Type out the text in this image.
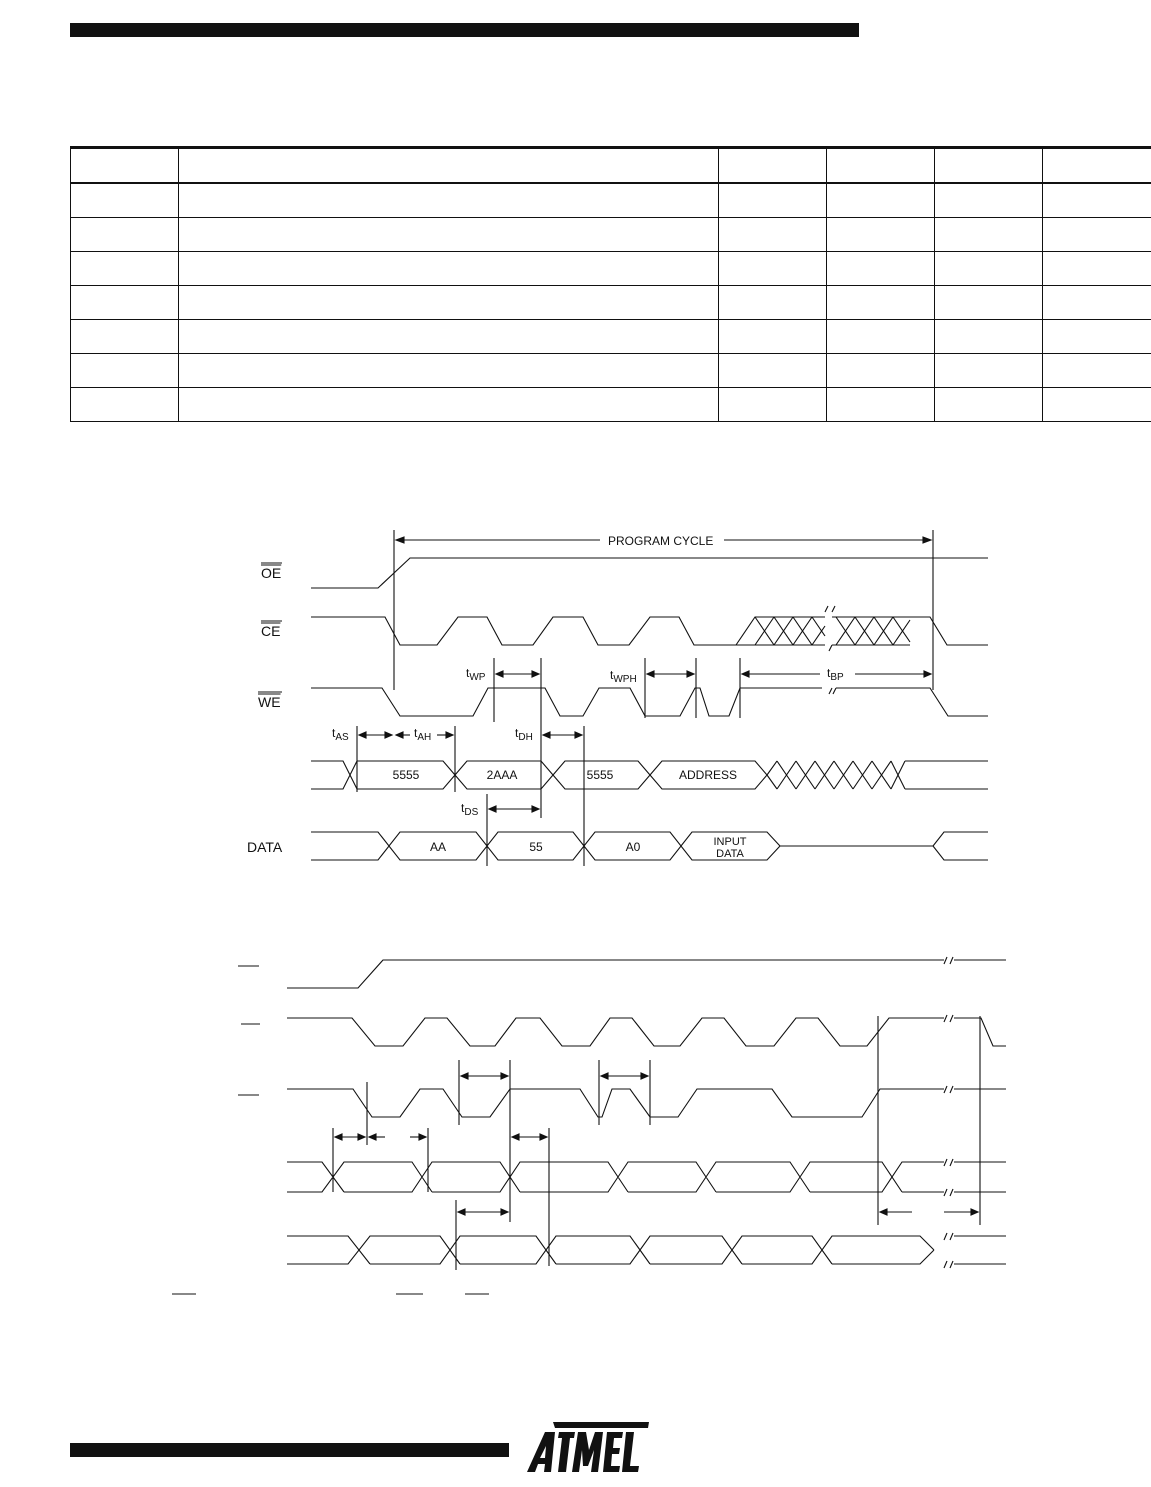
PROGRAM CYCLE
OE
CE
WE
DATA
$t_{WP}$	$t_{WPH}$	$t_{BP}$
$t_{AS}$	$t_{AH}$	$t_{DH}$
$t_{DS}$
5555	2AAA	5555	ADDRESS
AA	55	A0	INPUT
DATA
